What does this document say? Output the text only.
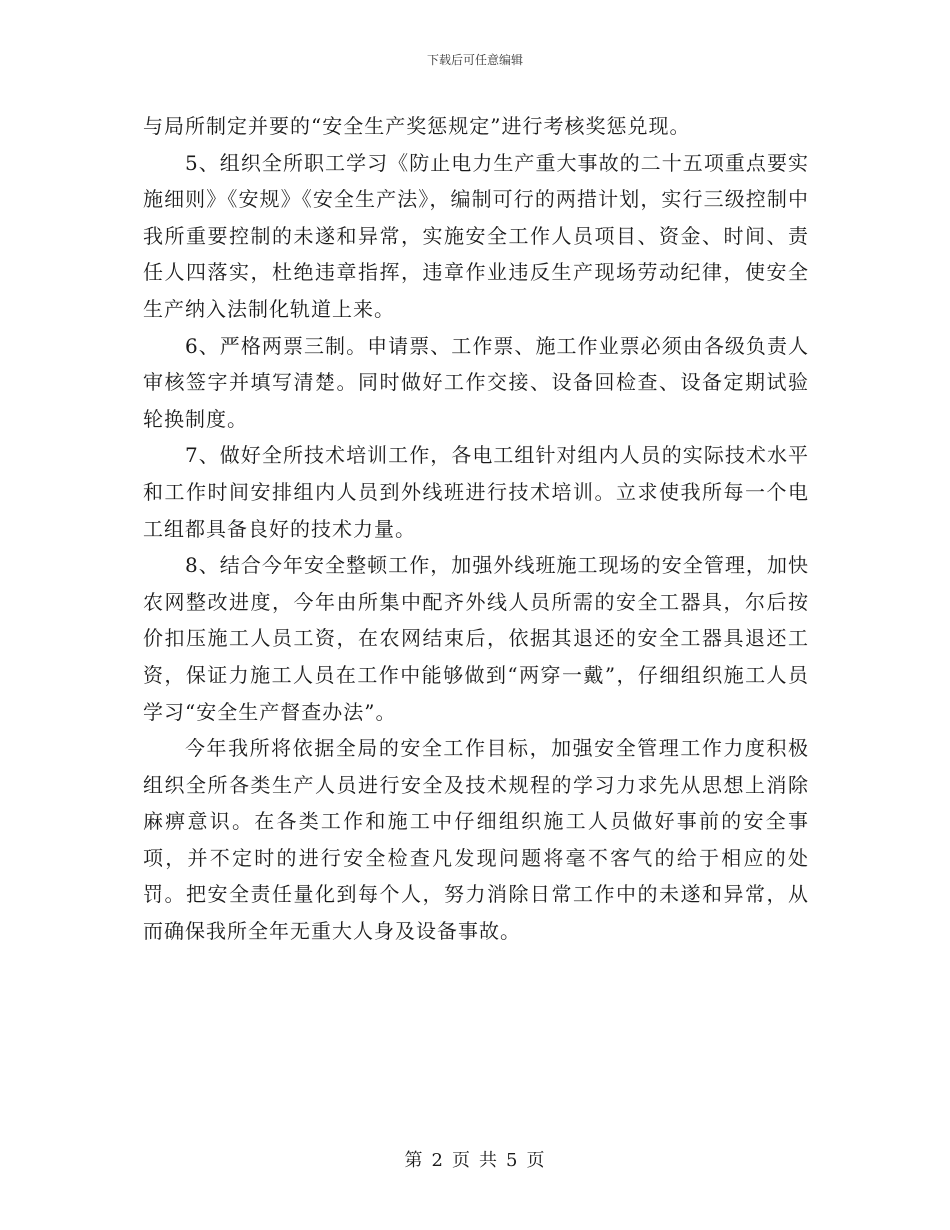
下载后可任意编辑

与局所制定并要的“安全生产奖惩规定”进行考核奖惩兑现。

5、组织全所职工学习《防止电力生产重大事故的二十五项重点要实施细则》《安规》《安全生产法》，编制可行的两措计划，实行三级控制中我所重要控制的未遂和异常，实施安全工作人员项目、资金、时间、责任人四落实，杜绝违章指挥，违章作业违反生产现场劳动纪律，使安全生产纳入法制化轨道上来。

6、严格两票三制。申请票、工作票、施工作业票必须由各级负责人审核签字并填写清楚。同时做好工作交接、设备回检查、设备定期试验轮换制度。

7、做好全所技术培训工作，各电工组针对组内人员的实际技术水平和工作时间安排组内人员到外线班进行技术培训。立求使我所每一个电工组都具备良好的技术力量。

8、结合今年安全整顿工作，加强外线班施工现场的安全管理，加快农网整改进度，今年由所集中配齐外线人员所需的安全工器具，尔后按价扣压施工人员工资，在农网结束后，依据其退还的安全工器具退还工资，保证力施工人员在工作中能够做到“两穿一戴”，仔细组织施工人员学习“安全生产督查办法”。

今年我所将依据全局的安全工作目标，加强安全管理工作力度积极组织全所各类生产人员进行安全及技术规程的学习力求先从思想上消除麻痹意识。在各类工作和施工中仔细组织施工人员做好事前的安全事项，并不定时的进行安全检查凡发现问题将毫不客气的给于相应的处罚。把安全责任量化到每个人，努力消除日常工作中的未遂和异常，从而确保我所全年无重大人身及设备事故。

第 2 页 共 5 页
